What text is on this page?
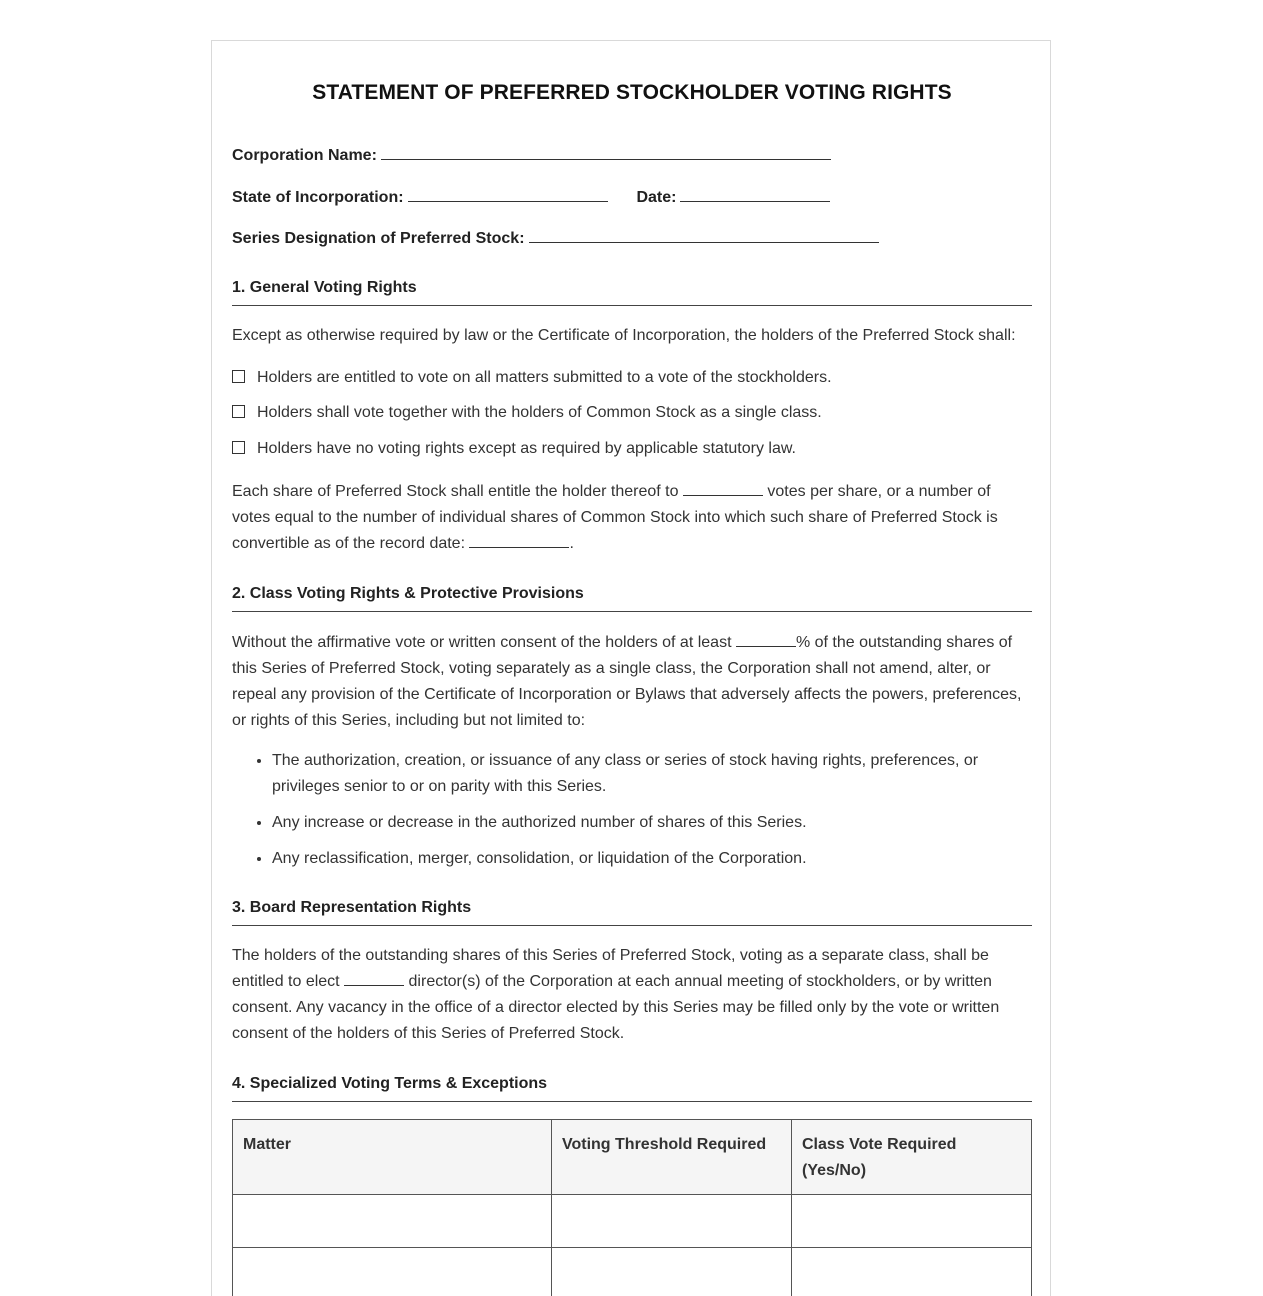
STATEMENT OF PREFERRED STOCKHOLDER VOTING RIGHTS
Corporation Name:
State of Incorporation:	Date:
Series Designation of Preferred Stock:
1. General Voting Rights

Except as otherwise required by law or the Certificate of Incorporation, the holders of the Preferred Stock shall:

Holders are entitled to vote on all matters submitted to a vote of the stockholders.
Holders shall vote together with the holders of Common Stock as a single class.
Holders have no voting rights except as required by applicable statutory law.

Each share of Preferred Stock shall entitle the holder thereof to	votes per share, or a number of votes equal to the number of individual shares of Common Stock into which such share of Preferred Stock is convertible as of the record date:	.

2. Class Voting Rights & Protective Provisions

Without the affirmative vote or written consent of the holders of at least	% of the outstanding shares of this Series of Preferred Stock, voting separately as a single class, the Corporation shall not amend, alter, or repeal any provision of the Certificate of Incorporation or Bylaws that adversely affects the powers, preferences, or rights of this Series, including but not limited to:

• The authorization, creation, or issuance of any class or series of stock having rights, preferences, or privileges senior to or on parity with this Series.
• Any increase or decrease in the authorized number of shares of this Series.
• Any reclassification, merger, consolidation, or liquidation of the Corporation.
3. Board Representation Rights

The holders of the outstanding shares of this Series of Preferred Stock, voting as a separate class, shall be entitled to elect	director(s) of the Corporation at each annual meeting of stockholders, or by written consent. Any vacancy in the office of a director elected by this Series may be filled only by the vote or written consent of the holders of this Series of Preferred Stock.

4. Specialized Voting Terms & Exceptions
Matter	Voting Threshold Required	Class Vote Required (Yes/No)
